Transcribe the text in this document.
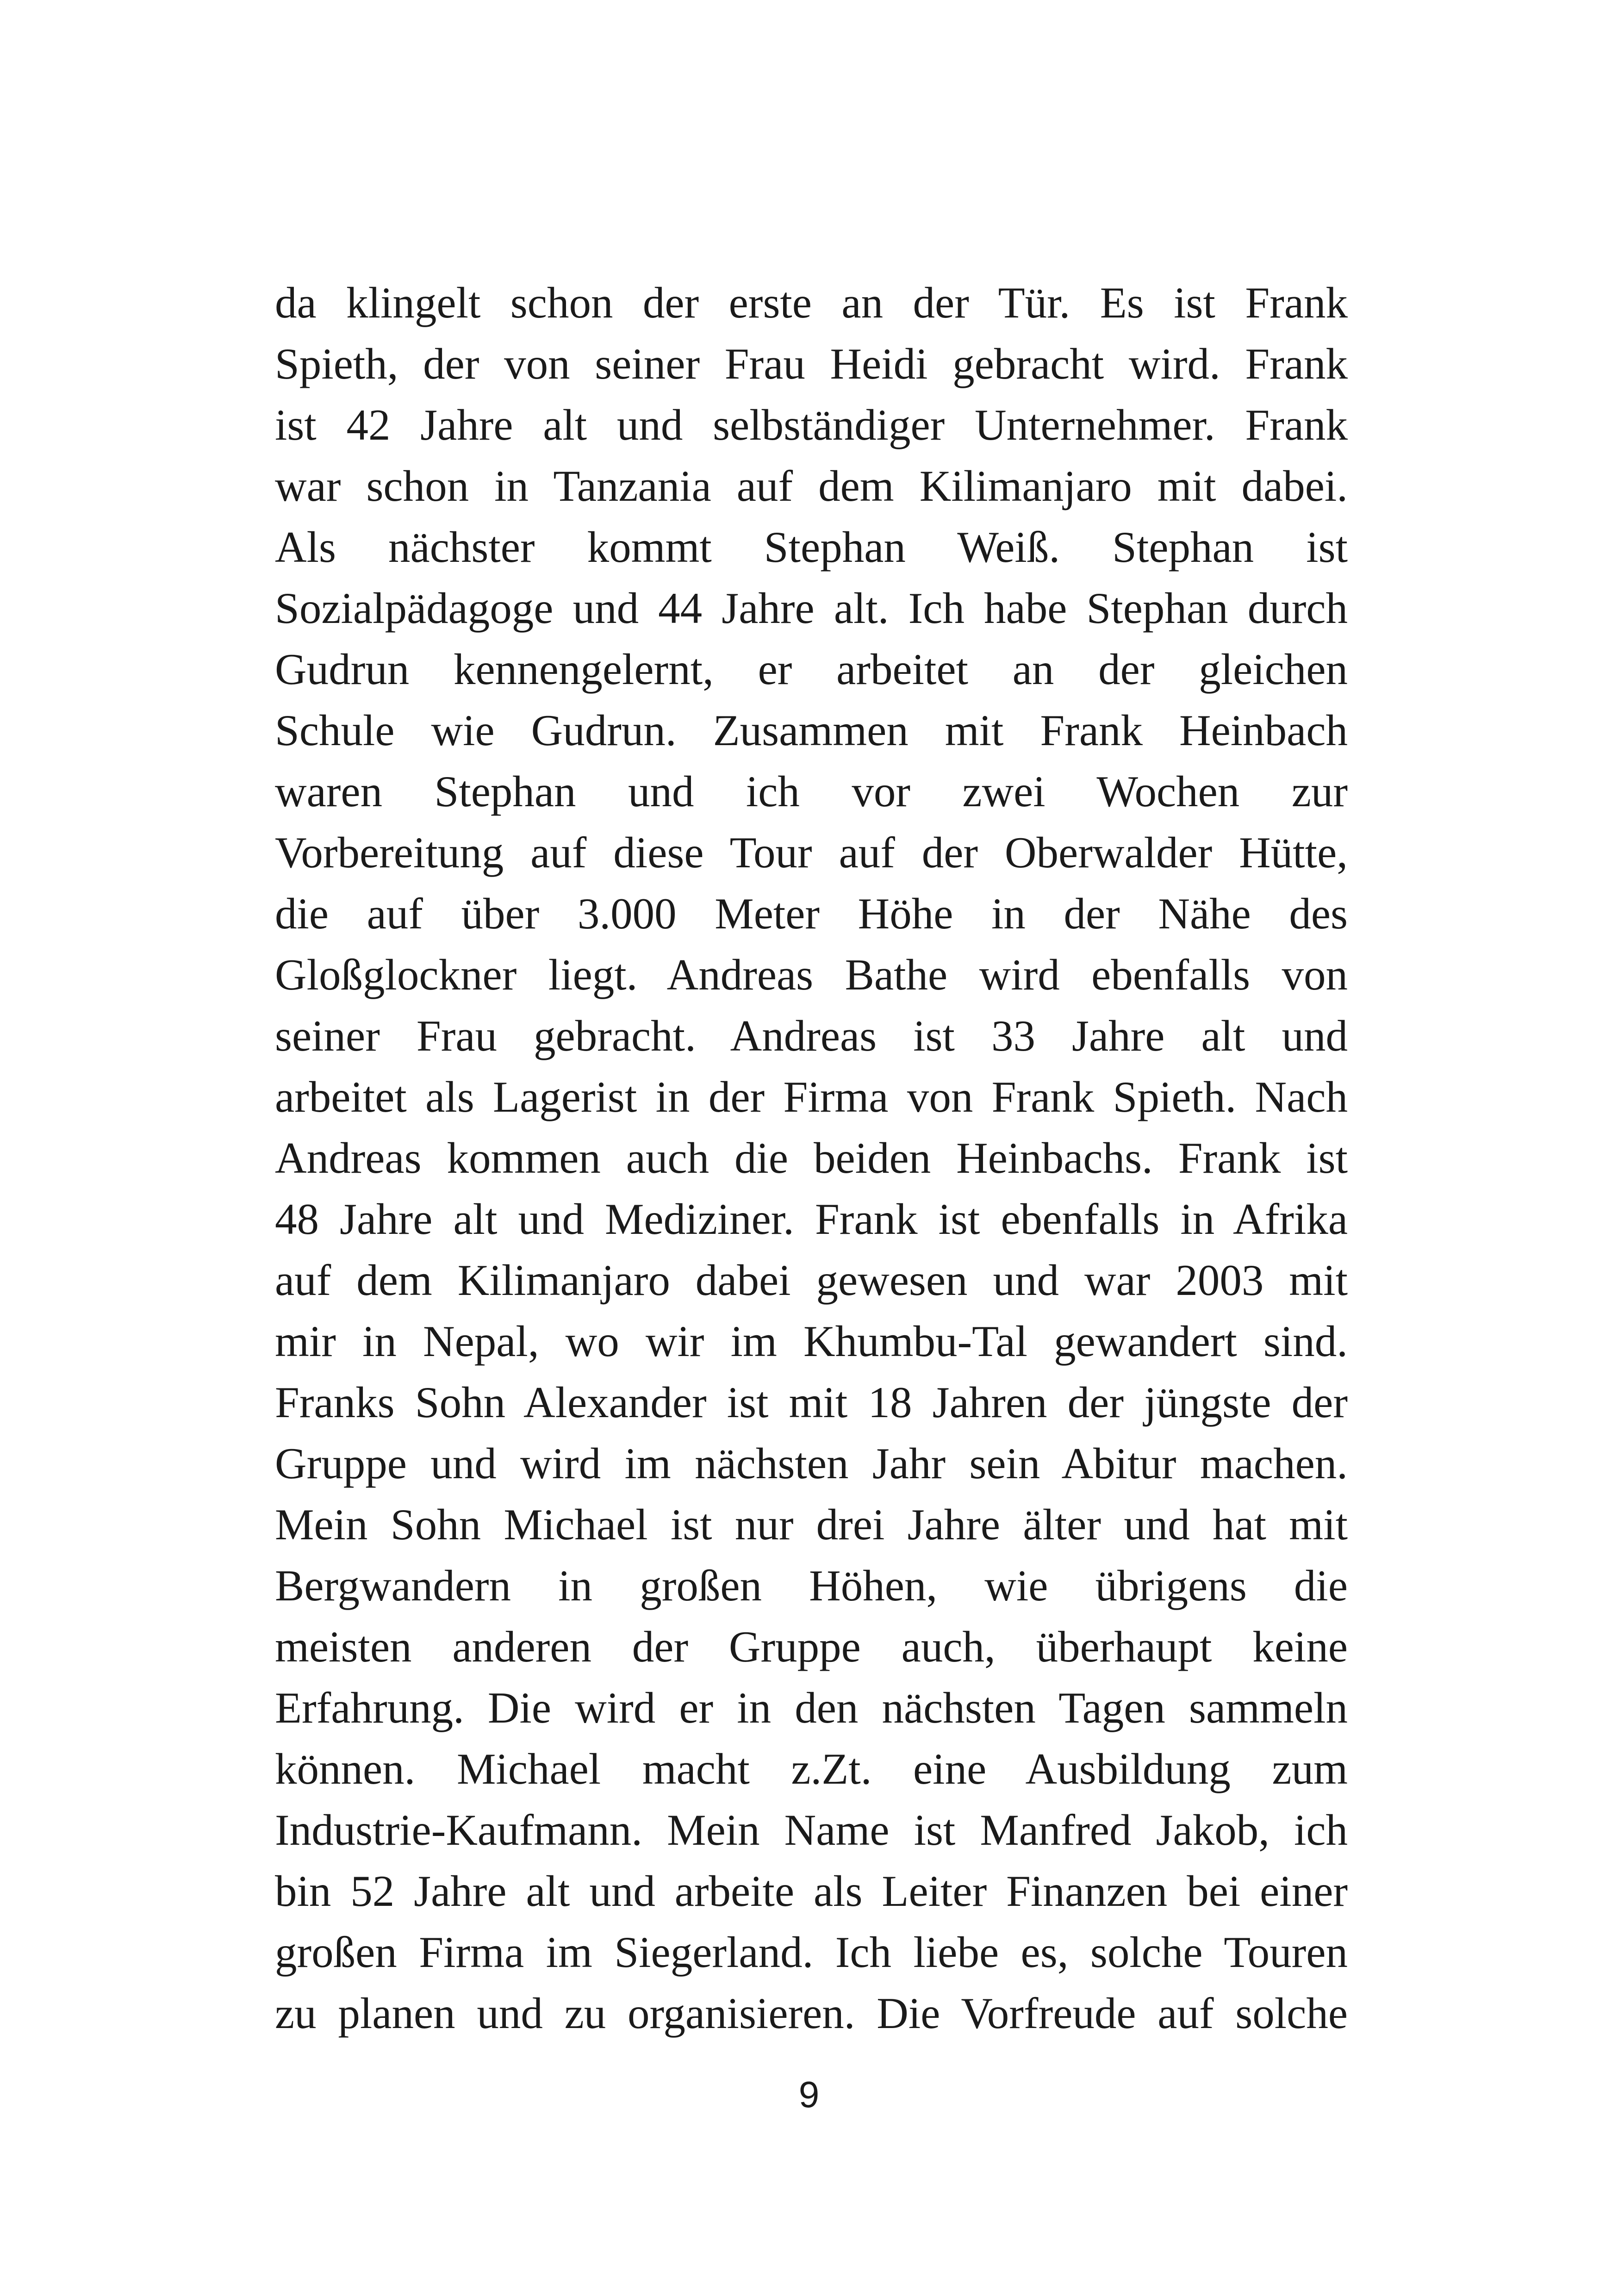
da klingelt schon der erste an der Tür. Es ist Frank
Spieth, der von seiner Frau Heidi gebracht wird. Frank
ist 42 Jahre alt und selbständiger Unternehmer. Frank
war schon in Tanzania auf dem Kilimanjaro mit dabei.
Als nächster kommt Stephan Weiß. Stephan ist
Sozialpädagoge und 44 Jahre alt. Ich habe Stephan durch
Gudrun kennengelernt, er arbeitet an der gleichen
Schule wie Gudrun. Zusammen mit Frank Heinbach
waren Stephan und ich vor zwei Wochen zur
Vorbereitung auf diese Tour auf der Oberwalder Hütte,
die auf über 3.000 Meter Höhe in der Nähe des
Gloßglockner liegt. Andreas Bathe wird ebenfalls von
seiner Frau gebracht. Andreas ist 33 Jahre alt und
arbeitet als Lagerist in der Firma von Frank Spieth. Nach
Andreas kommen auch die beiden Heinbachs. Frank ist
48 Jahre alt und Mediziner. Frank ist ebenfalls in Afrika
auf dem Kilimanjaro dabei gewesen und war 2003 mit
mir in Nepal, wo wir im Khumbu-Tal gewandert sind.
Franks Sohn Alexander ist mit 18 Jahren der jüngste der
Gruppe und wird im nächsten Jahr sein Abitur machen.
Mein Sohn Michael ist nur drei Jahre älter und hat mit
Bergwandern in großen Höhen, wie übrigens die
meisten anderen der Gruppe auch, überhaupt keine
Erfahrung. Die wird er in den nächsten Tagen sammeln
können. Michael macht z.Zt. eine Ausbildung zum
Industrie-Kaufmann. Mein Name ist Manfred Jakob, ich
bin 52 Jahre alt und arbeite als Leiter Finanzen bei einer
großen Firma im Siegerland. Ich liebe es, solche Touren
zu planen und zu organisieren. Die Vorfreude auf solche
9
